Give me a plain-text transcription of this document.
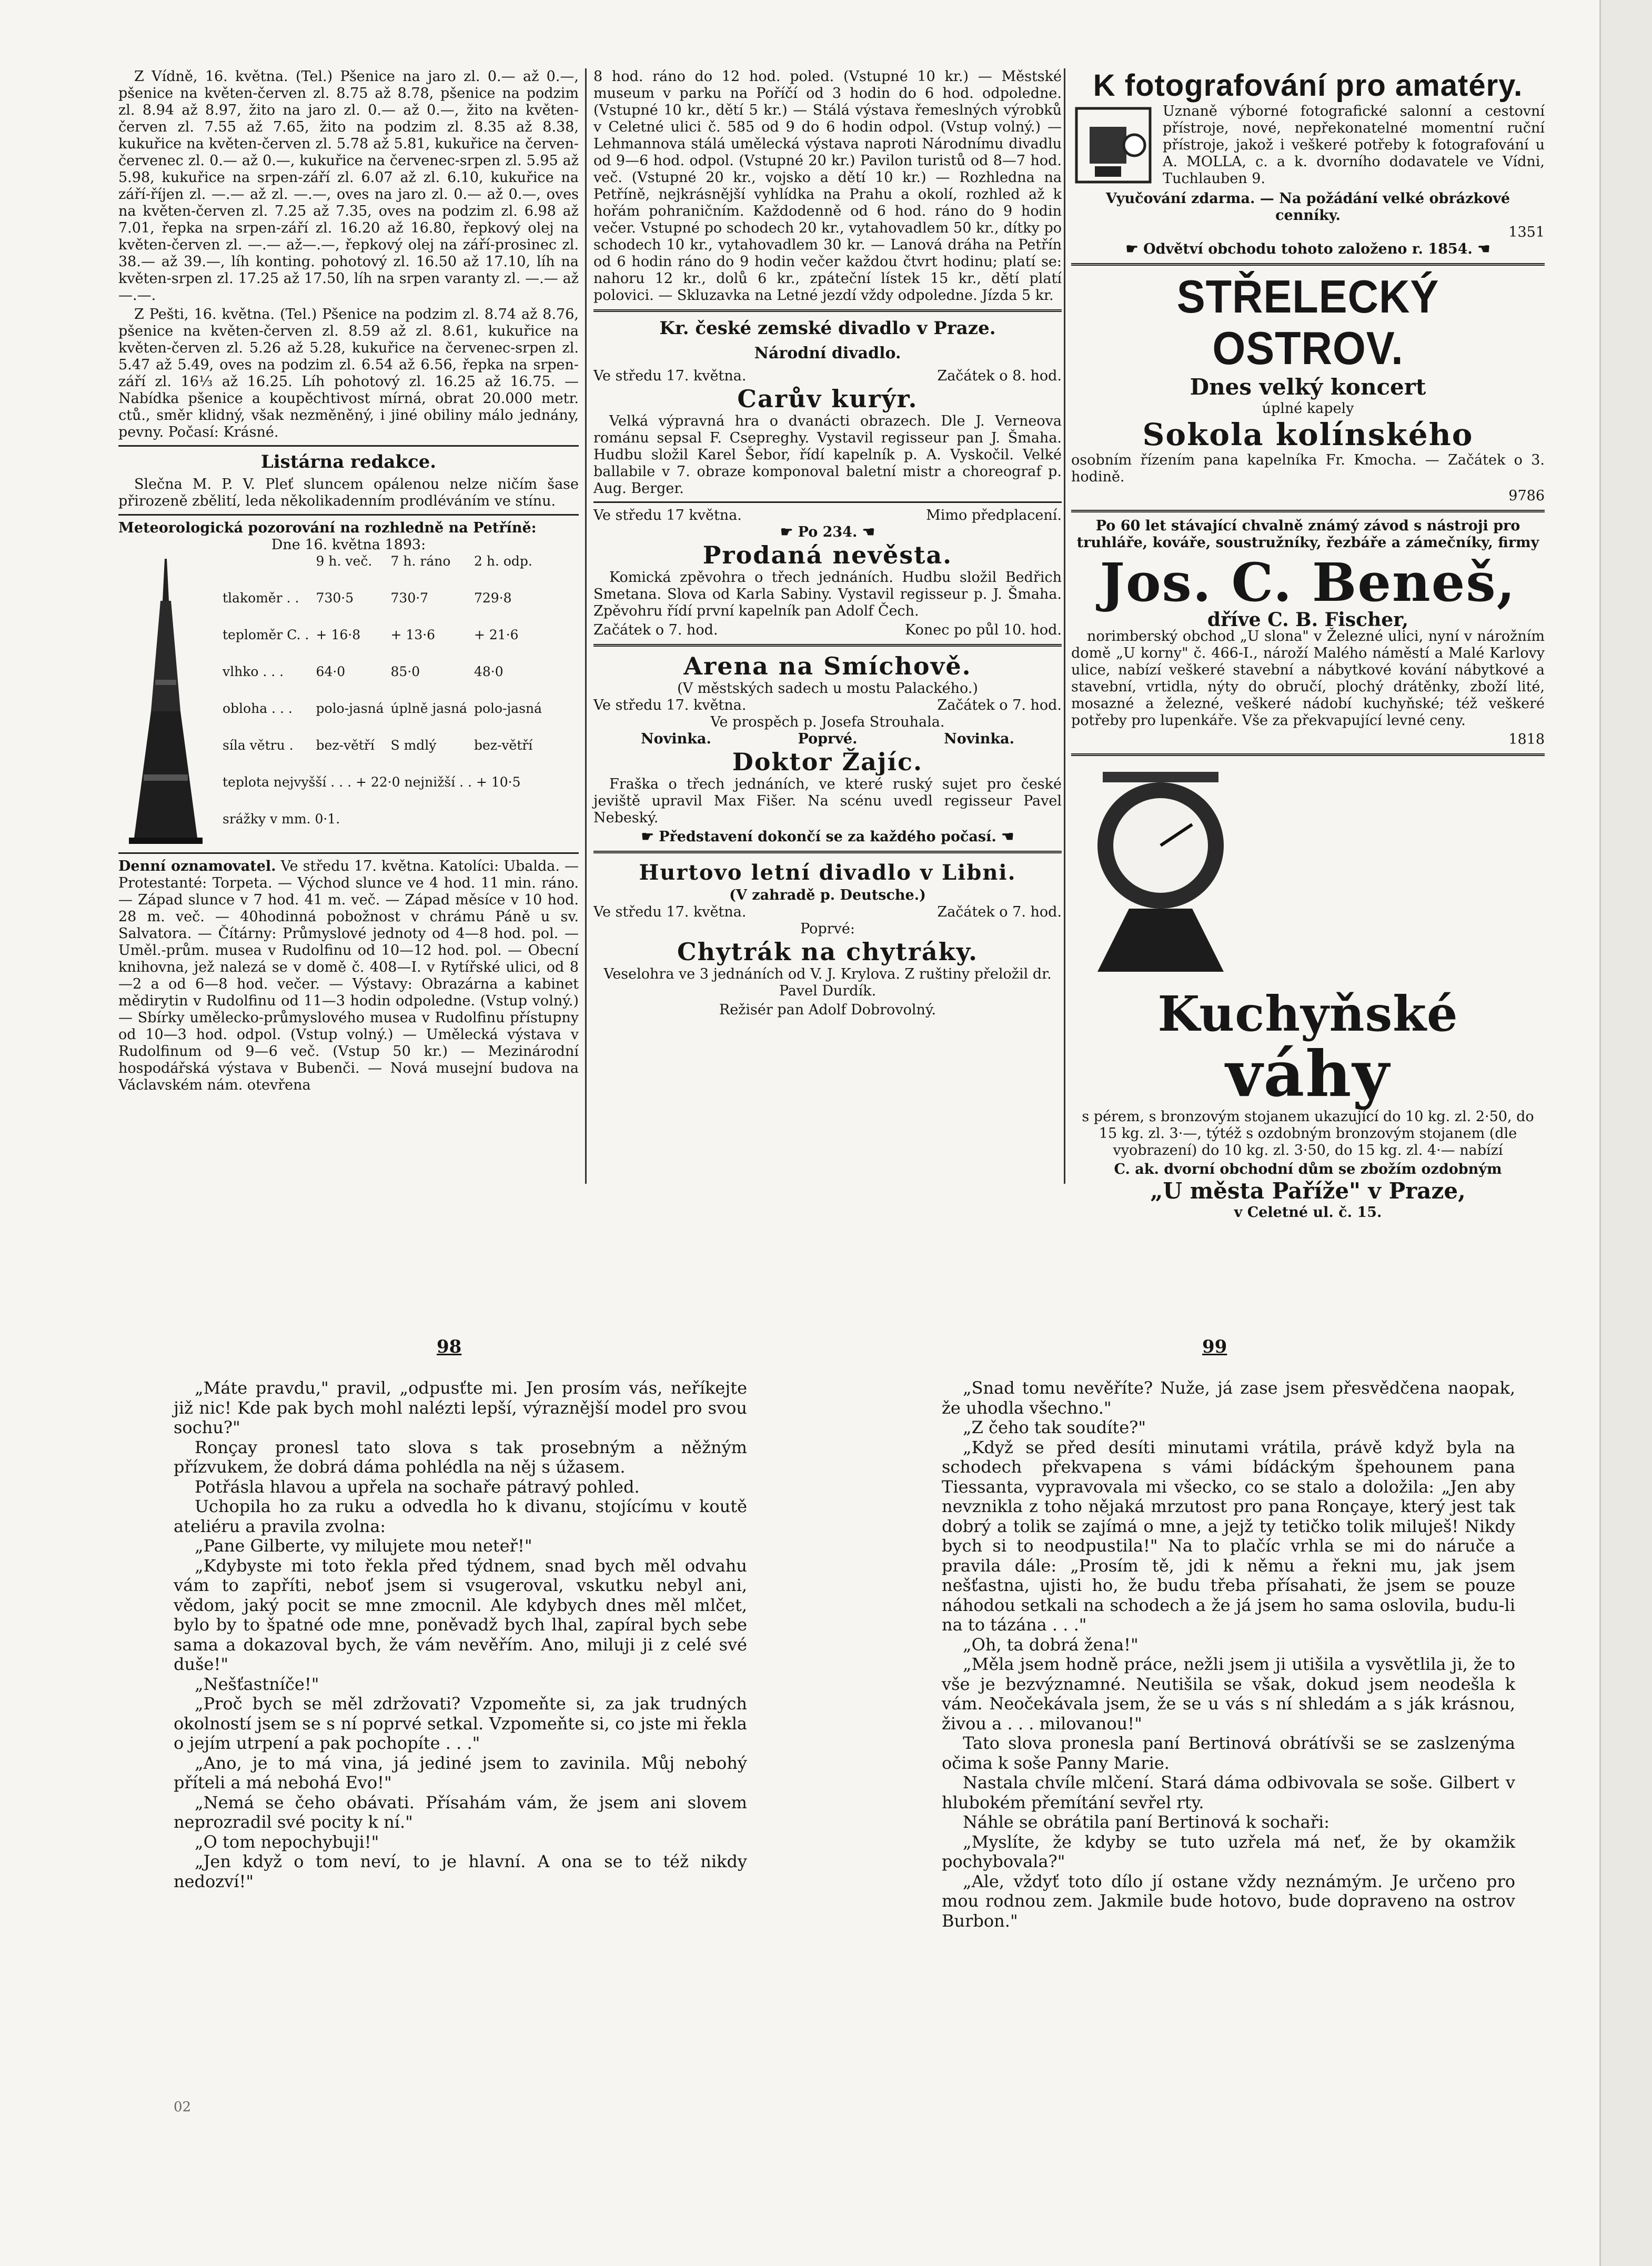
Z Vídně, 16. května. (Tel.) Pšenice na jaro zl. 0.— až 0.—, pšenice na květen-červen zl. 8.75 až 8.78, pšenice na podzim zl. 8.94 až 8.97, žito na jaro zl. 0.— až 0.—, žito na květen-červen zl. 7.55 až 7.65, žito na podzim zl. 8.35 až 8.38, kukuřice na květen-červen zl. 5.78 až 5.81, kukuřice na červen-červenec zl. 0.— až 0.—, kukuřice na červenec-srpen zl. 5.95 až 5.98, kukuřice na srpen-září zl. 6.07 až zl. 6.10, kukuřice na září-říjen zl. —.— až zl. —.—, oves na jaro zl. 0.— až 0.—, oves na květen-červen zl. 7.25 až 7.35, oves na podzim zl. 6.98 až 7.01, řepka na srpen-září zl. 16.20 až 16.80, řepkový olej na květen-červen zl. —.— až—.—, řepkový olej na září-prosinec zl. 38.— až 39.—, líh konting. pohotový zl. 16.50 až 17.10, líh na květen-srpen zl. 17.25 až 17.50, líh na srpen varanty zl. —.— až —.—.

Z Pešti, 16. května. (Tel.) Pšenice na podzim zl. 8.74 až 8.76, pšenice na květen-červen zl. 8.59 až zl. 8.61, kukuřice na květen-červen zl. 5.26 až 5.28, kukuřice na červenec-srpen zl. 5.47 až 5.49, oves na podzim zl. 6.54 až 6.56, řepka na srpen-září zl. 16⅓ až 16.25. Líh pohotový zl. 16.25 až 16.75. — Nabídka pšenice a koupěchtivost mírná, obrat 20.000 metr. ctů., směr klidný, však nezměněný, i jiné obiliny málo jednány, pevny. Počasí: Krásné.

Listárna redakce.

Slečna M. P. V. Pleť sluncem opálenou nelze ničím šase přirozeně zbělití, leda několikadenním prodléváním ve stínu.

Meteorologická pozorování na rozhledně na Petříně:
Dne 16. května 1893:
	9 h. več.	7 h. ráno	2 h. odp.
tlakoměr . .	730·5	730·7	729·8
teploměr C. .	+ 16·8	+ 13·6	+ 21·6
vlhko . . .	64·0	85·0	48·0
obloha . . .	polo-jasná	úplně jasná	polo-jasná
síla větru .	bez-větří	S mdlý	bez-větří
teplota nejvyšší . . . + 22·0 nejnižší . . + 10·5			
srážky v mm. 0·1.			

Denní oznamovatel. Ve středu 17. května. Katolíci: Ubalda. — Protestanté: Torpeta. — Východ slunce ve 4 hod. 11 min. ráno. — Západ slunce v 7 hod. 41 m. več. — Západ měsíce v 10 hod. 28 m. več. — 40hodinná pobožnost v chrámu Páně u sv. Salvatora. — Čítárny: Průmyslové jednoty od 4—8 hod. pol. — Uměl.-prům. musea v Rudolfinu od 10—12 hod. pol. — Obecní knihovna, jež nalezá se v domě č. 408—I. v Rytířské ulici, od 8—2 a od 6—8 hod. večer. — Výstavy: Obrazárna a kabinet mědirytin v Rudolfinu od 11—3 hodin odpoledne. (Vstup volný.) — Sbírky umělecko-průmyslového musea v Rudolfinu přístupny od 10—3 hod. odpol. (Vstup volný.) — Umělecká výstava v Rudolfinum od 9—6 več. (Vstup 50 kr.) — Mezinárodní hospodářská výstava v Bubenči. — Nová musejní budova na Václavském nám. otevřena

8 hod. ráno do 12 hod. poled. (Vstupné 10 kr.) — Městské museum v parku na Poříčí od 3 hodin do 6 hod. odpoledne. (Vstupné 10 kr., dětí 5 kr.) — Stálá výstava řemeslných výrobků v Celetné ulici č. 585 od 9 do 6 hodin odpol. (Vstup volný.) — Lehmannova stálá umělecká výstava naproti Národnímu divadlu od 9—6 hod. odpol. (Vstupné 20 kr.) Pavilon turistů od 8—7 hod. več. (Vstupné 20 kr., vojsko a dětí 10 kr.) — Rozhledna na Petříně, nejkrásnější vyhlídka na Prahu a okolí, rozhled až k hořám pohraničním. Každodenně od 6 hod. ráno do 9 hodin večer. Vstupné po schodech 20 kr., vytahovadlem 50 kr., dítky po schodech 10 kr., vytahovadlem 30 kr. — Lanová dráha na Petřín od 6 hodin ráno do 9 hodin večer každou čtvrt hodinu; platí se: nahoru 12 kr., dolů 6 kr., zpáteční lístek 15 kr., dětí platí polovici. — Skluzavka na Letné jezdí vždy odpoledne. Jízda 5 kr.

Kr. české zemské divadlo v Praze.
Národní divadlo.
Ve středu 17. května.	Začátek o 8. hod.
Carův kurýr.

Velká výpravná hra o dvanácti obrazech. Dle J. Verneova románu sepsal F. Csepreghy. Vystavil regisseur pan J. Šmaha. Hudbu složil Karel Šebor, řídí kapelník p. A. Vyskočil. Velké ballabile v 7. obraze komponoval baletní mistr a choreograf p. Aug. Berger.

Ve středu 17 května.	Mimo předplacení.
☛ Po 234. ☚
Prodaná nevěsta.

Komická zpěvohra o třech jednáních. Hudbu složil Bedřich Smetana. Slova od Karla Sabiny. Vystavil regisseur p. J. Šmaha. Zpěvohru řídí první kapelník pan Adolf Čech.

Začátek o 7. hod.	Konec po půl 10. hod.
Arena na Smíchově.
(V městských sadech u mostu Palackého.)
Ve středu 17. května.	Začátek o 7. hod.
Ve prospěch p. Josefa Strouhala.
Novinka.	Poprvé.	Novinka.
Doktor Žajíc.

Fraška o třech jednáních, ve které ruský sujet pro české jeviště upravil Max Fišer. Na scénu uvedl regisseur Pavel Nebeský.

☛ Představení dokončí se za každého počasí. ☚
Hurtovo letní divadlo v Libni.
(V zahradě p. Deutsche.)
Ve středu 17. května.	Začátek o 7. hod.
Poprvé:
Chytrák na chytráky.

Veselohra ve 3 jednáních od V. J. Krylova. Z ruštiny přeložil dr. Pavel Durdík.

Režisér pan Adolf Dobrovolný.
K fotografování pro amatéry.

Uznaně výborné fotografické salonní a cestovní přístroje, nové, nepřekonatelné momentní ruční přístroje, jakož i veškeré potřeby k fotografování u A. MOLLA, c. a k. dvorního dodavatele ve Vídni, Tuchlauben 9.

Vyučování zdarma. — Na požádání velké obrázkové cenníky.
1351
☛ Odvětví obchodu tohoto založeno r. 1854. ☚
STŘELECKÝ OSTROV.
Dnes velký koncert
úplné kapely
Sokola kolínského

osobním řízením pana kapelníka Fr. Kmocha. — Začátek o 3. hodině.

9786

Po 60 let stávající chvalně známý závod s nástroji pro truhláře, kováře, soustružníky, řezbáře a zámečníky, firmy

Jos. C. Beneš,
dříve C. B. Fischer,

norimberský obchod „U slona" v Železné ulici, nyní v nárožním domě „U korny" č. 466-I., nároží Malého náměstí a Malé Karlovy ulice, nabízí veškeré stavební a nábytkové kování nábytkové a stavební, vrtidla, nýty do obručí, plochý drátěnky, zboží lité, mosazné a železné, veškeré nádobí kuchyňské; též veškeré potřeby pro lupenkáře. Vše za překvapující levné ceny.

1818
Kuchyňské
váhy

s pérem, s bronzovým stojanem ukazující do 10 kg. zl. 2·50, do 15 kg. zl. 3·—, týtéž s ozdobným bronzovým stojanem (dle vyobrazení) do 10 kg. zl. 3·50, do 15 kg. zl. 4·— nabízí

C. ak. dvorní obchodní dům se zbožím ozdobným
„U města Paříže" v Praze,
v Celetné ul. č. 15.
98	99

„Máte pravdu," pravil, „odpusťte mi. Jen prosím vás, neříkejte již nic! Kde pak bych mohl nalézti lepší, výraznější model pro svou sochu?"

Ronçay pronesl tato slova s tak prosebným a něžným přízvukem, že dobrá dáma pohlédla na něj s úžasem.

Potřásla hlavou a upřela na sochaře pátravý pohled.

Uchopila ho za ruku a odvedla ho k divanu, stojícímu v koutě ateliéru a pravila zvolna:

„Pane Gilberte, vy milujete mou neteř!"

„Kdybyste mi toto řekla před týdnem, snad bych měl odvahu vám to zapříti, neboť jsem si vsugeroval, vskutku nebyl ani, vědom, jaký pocit se mne zmocnil. Ale kdybych dnes měl mlčet, bylo by to špatné ode mne, poněvadž bych lhal, zapíral bych sebe sama a dokazoval bych, že vám nevěřím. Ano, miluji ji z celé své duše!"

„Nešťastníče!"

„Proč bych se měl zdržovati? Vzpomeňte si, za jak trudných okolností jsem se s ní poprvé setkal. Vzpomeňte si, co jste mi řekla o jejím utrpení a pak pochopíte . . ."

„Ano, je to má vina, já jediné jsem to zavinila. Můj nebohý příteli a má nebohá Evo!"

„Nemá se čeho obávati. Přísahám vám, že jsem ani slovem neprozradil své pocity k ní."

„O tom nepochybuji!"

„Jen když o tom neví, to je hlavní. A ona se to též nikdy nedozví!"

„Snad tomu nevěříte? Nuže, já zase jsem přesvědčena naopak, že uhodla všechno."

„Z čeho tak soudíte?"

„Když se před desíti minutami vrátila, právě když byla na schodech překvapena s vámi bídáckým špehounem pana Tiessanta, vypravovala mi všecko, co se stalo a doložila: „Jen aby nevznikla z toho nějaká mrzutost pro pana Ronçaye, který jest tak dobrý a tolik se zajímá o mne, a jejž ty tetičko tolik miluješ! Nikdy bych si to neodpustila!" Na to plačíc vrhla se mi do náruče a pravila dále: „Prosím tě, jdi k němu a řekni mu, jak jsem nešťastna, ujisti ho, že budu třeba přísahati, že jsem se pouze náhodou setkali na schodech a že já jsem ho sama oslovila, budu-li na to tázána . . ."

„Oh, ta dobrá žena!"

„Měla jsem hodně práce, nežli jsem ji utišila a vysvětlila ji, že to vše je bezvýznamné. Neutišila se však, dokud jsem neodešla k vám. Neočekávala jsem, že se u vás s ní shledám a s ják krásnou, živou a . . . milovanou!"

Tato slova pronesla paní Bertinová obrátívši se se zaslzenýma očima k soše Panny Marie.

Nastala chvíle mlčení. Stará dáma odbivovala se soše. Gilbert v hlubokém přemítání sevřel rty.

Náhle se obrátila paní Bertinová k sochaři:

„Myslíte, že kdyby se tuto uzřela má neť, že by okamžik pochybovala?"

„Ale, vždyť toto dílo jí ostane vždy neznámým. Je určeno pro mou rodnou zem. Jakmile bude hotovo, bude dopraveno na ostrov Burbon."

02
